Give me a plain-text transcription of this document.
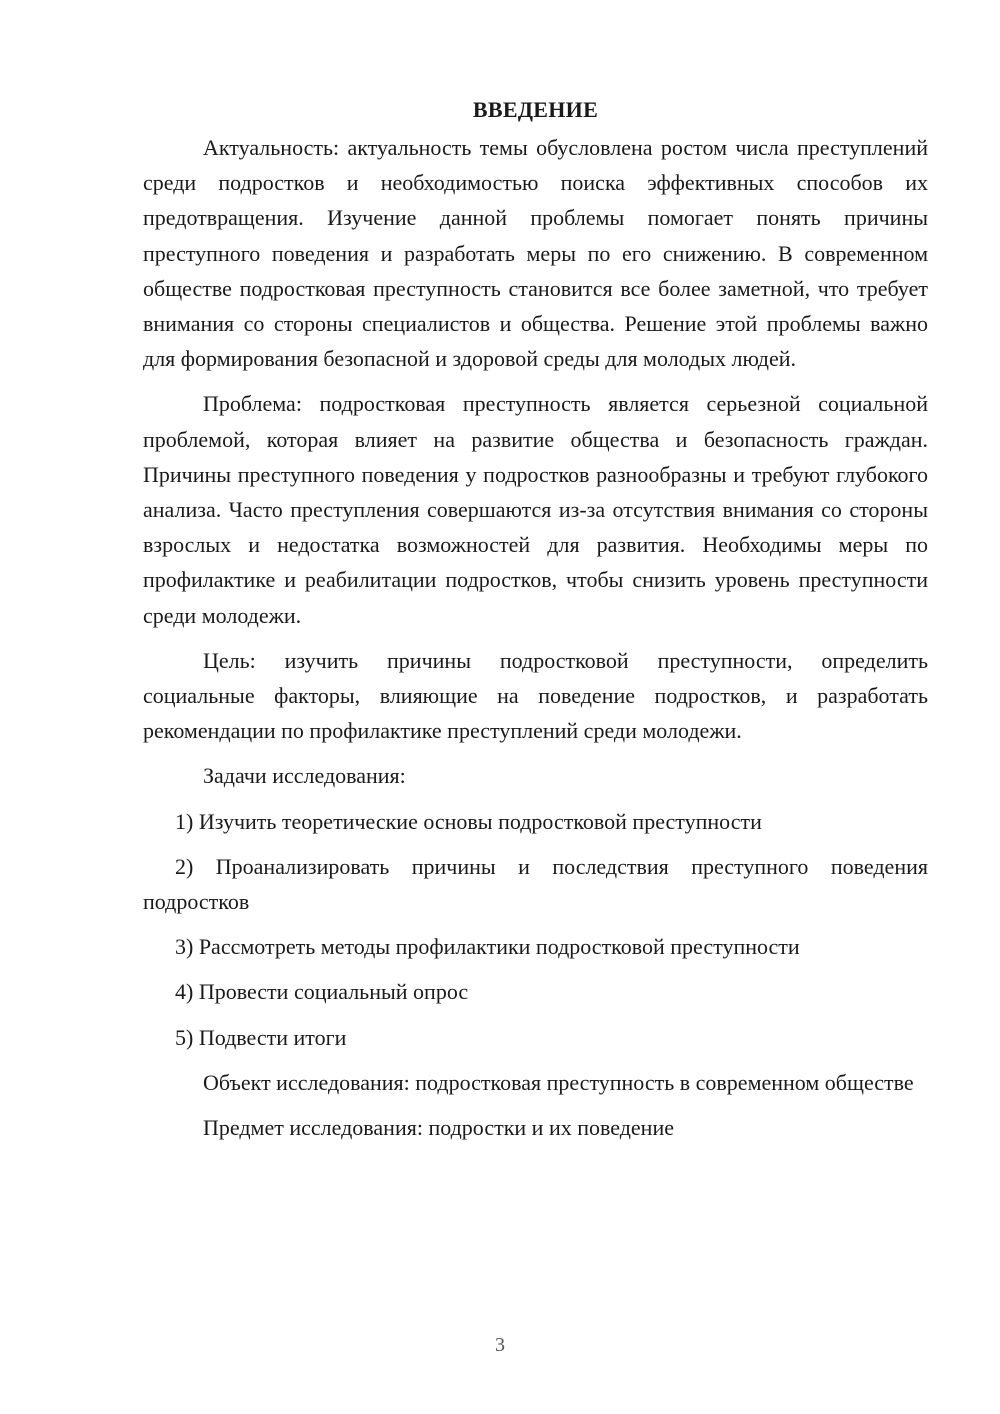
ВВЕДЕНИЕ

Актуальность: актуальность темы обусловлена ростом числа преступлений среди подростков и необходимостью поиска эффективных способов их предотвращения. Изучение данной проблемы помогает понять причины преступного поведения и разработать меры по его снижению. В современном обществе подростковая преступность становится все более заметной, что требует внимания со стороны специалистов и общества. Решение этой проблемы важно для формирования безопасной и здоровой среды для молодых людей.

Проблема: подростковая преступность является серьезной социальной проблемой, которая влияет на развитие общества и безопасность граждан. Причины преступного поведения у подростков разнообразны и требуют глубокого анализа. Часто преступления совершаются из-за отсутствия внимания со стороны взрослых и недостатка возможностей для развития. Необходимы меры по профилактике и реабилитации подростков, чтобы снизить уровень преступности среди молодежи.

Цель: изучить причины подростковой преступности, определить социальные факторы, влияющие на поведение подростков, и разработать рекомендации по профилактике преступлений среди молодежи.

Задачи исследования:

1) Изучить теоретические основы подростковой преступности

2) Проанализировать причины и последствия преступного поведения подростков

3) Рассмотреть методы профилактики подростковой преступности

4) Провести социальный опрос

5) Подвести итоги

Объект исследования: подростковая преступность в современном обществе

Предмет исследования: подростки и их поведение

3
